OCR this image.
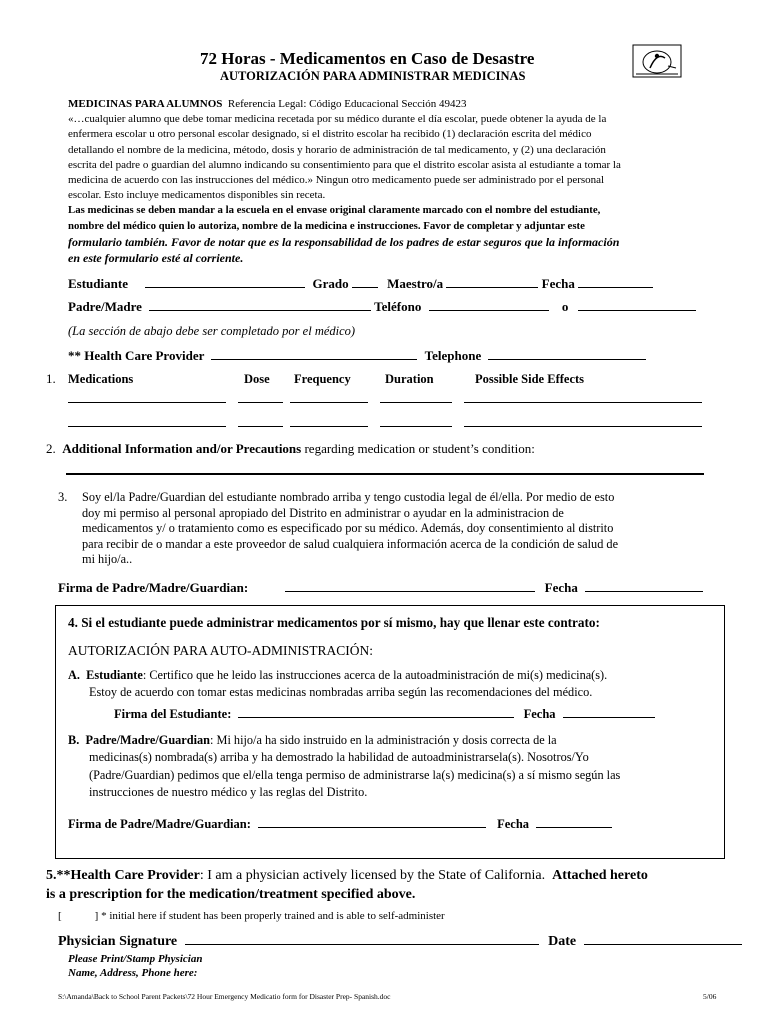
72 Horas - Medicamentos en Caso de Desastre
AUTORIZACIÓN PARA ADMINISTRAR MEDICINAS
MEDICINAS PARA ALUMNOS Referencia Legal: Código Educacional Sección 49423
«…cualquier alumno que debe tomar medicina recetada por su médico durante el día escolar, puede obtener la ayuda de la
enfermera escolar u otro personal escolar designado, si el distrito escolar ha recibido (1) declaración escrita del médico
detallando el nombre de la medicina, método, dosis y horario de administración de tal medicamento, y (2) una declaración
escrita del padre o guardian del alumno indicando su consentimiento para que el distrito escolar asista al estudiante a tomar la
medicina de acuerdo con las instrucciones del médico.» Ningun otro medicamento puede ser administrado por el personal
escolar. Esto incluye medicamentos disponibles sin receta.
Las medicinas se deben mandar a la escuela en el envase original claramente marcado con el nombre del estudiante,
nombre del médico quien lo autoriza, nombre de la medicina e instrucciones. Favor de completar y adjuntar este
formulario también. Favor de notar que es la responsabilidad de los padres de estar seguros que la información
en este formulario esté al corriente.
Estudiante	Grado	Maestro/a	Fecha
Padre/Madre	Teléfono	o
(La sección de abajo debe ser completado por el médico)
** Health Care Provider	Telephone
1. Medications	Dose Frequency	Duration	Possible Side Effects
2. Additional Information and/or Precautions regarding medication or student’s condition:
3. Soy el/la Padre/Guardian del estudiante nombrado arriba y tengo custodia legal de él/ella. Por medio de esto
doy mi permiso al personal apropiado del Distrito en administrar o ayudar en la administracion de
medicamentos y/ o tratamiento como es especificado por su médico. Además, doy consentimiento al distrito
para recibir de o mandar a este proveedor de salud cualquiera información acerca de la condición de salud de
mi hijo/a..
Firma de Padre/Madre/Guardian:	Fecha
4. Si el estudiante puede administrar medicamentos por sí mismo, hay que llenar este contrato:
AUTORIZACIÓN PARA AUTO-ADMINISTRACIÓN:
A. Estudiante: Certifico que he leido las instrucciones acerca de la autoadministración de mi(s) medicina(s).
Estoy de acuerdo con tomar estas medicinas nombradas arriba según las recomendaciones del médico.
Firma del Estudiante:	Fecha
B. Padre/Madre/Guardian: Mi hijo/a ha sido instruido en la administración y dosis correcta de la
medicinas(s) nombrada(s) arriba y ha demostrado la habilidad de autoadministrarsela(s). Nosotros/Yo
(Padre/Guardian) pedimos que el/ella tenga permiso de administrarse la(s) medicina(s) a sí mismo según las
instrucciones de nuestro médico y las reglas del Distrito.
Firma de Padre/Madre/Guardian:	Fecha
5.**Health Care Provider: I am a physician actively licensed by the State of California. Attached hereto
is a prescription for the medication/treatment specified above.
[            ] * initial here if student has been properly trained and is able to self-administer
Physician Signature	Date
Please Print/Stamp Physician
Name, Address, Phone here:
S:\Amanda\Back to School Parent Packets\72 Hour Emergency Medicatio form for Disaster Prep- Spanish.doc	5/06
